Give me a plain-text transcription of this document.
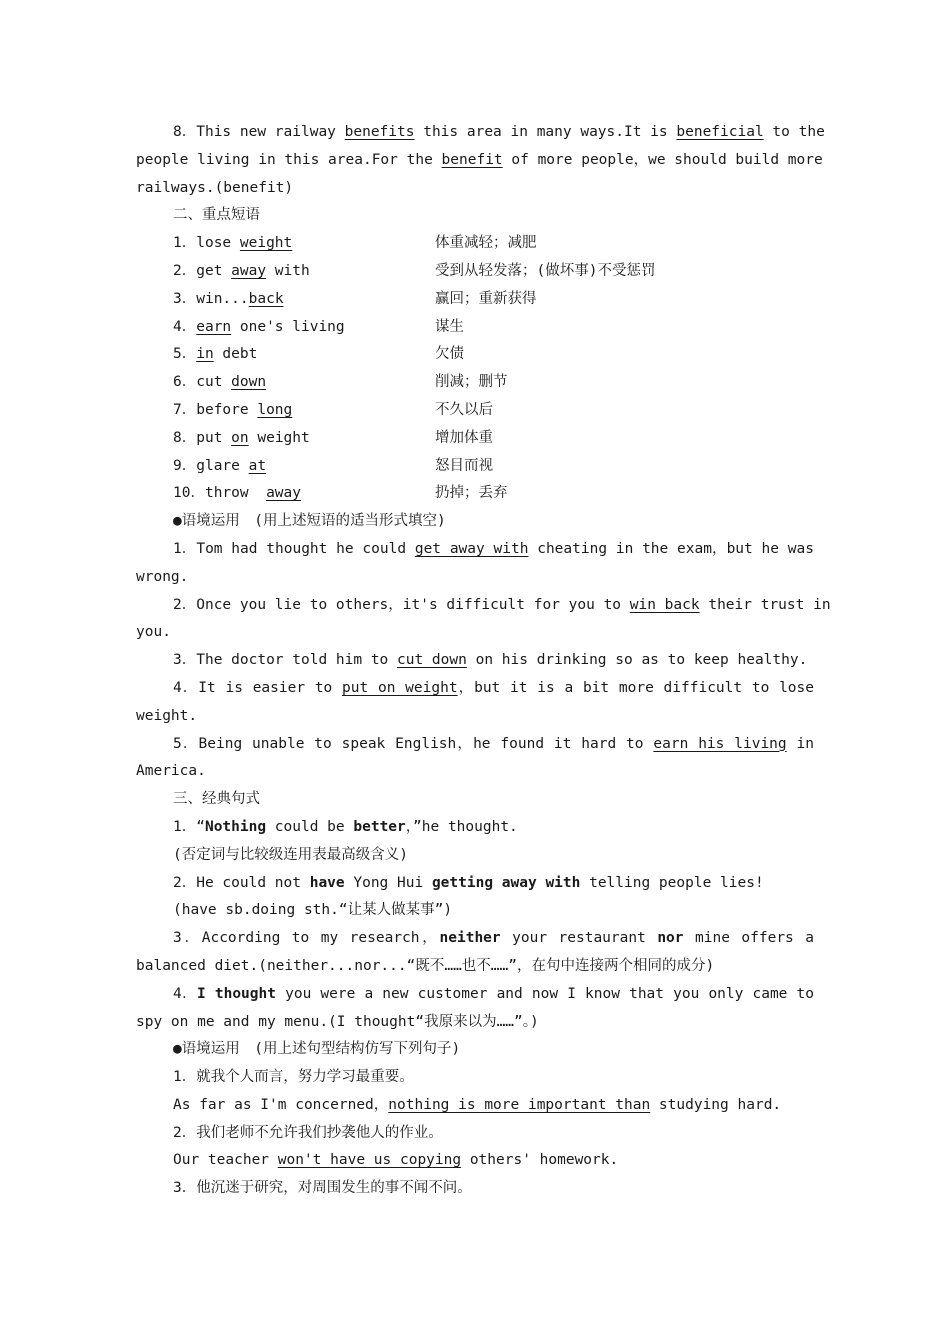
8．This new railway benefits this area in many ways.It is beneficial to the
people living in this area.For the benefit of more people，we should build more
railways.(benefit)
二、重点短语
1．lose weight	体重减轻；减肥
2．get away with	受到从轻发落；(做坏事)不受惩罚
3．win...back	赢回；重新获得
4．earn one's living	谋生
5．in debt	欠债
6．cut down	削减；删节
7．before long	不久以后
8．put on weight	增加体重
9．glare at	怒目而视
10．throw  away	扔掉；丢弃
●语境运用　(用上述短语的适当形式填空)
1．Tom had thought he could get away with cheating in the exam，but he was
wrong.
2．Once you lie to others，it's difficult for you to win back their trust in
you.
3．The doctor told him to cut down on his drinking so as to keep healthy.
4．It is easier to put on weight，but it is a bit more difficult to lose
weight.
5．Being unable to speak English，he found it hard to earn his living in
America.
三、经典句式
1．“Nothing could be better，”he thought.
(否定词与比较级连用表最高级含义)
2．He could not have Yong Hui getting away with telling people lies!
(have sb.doing sth.“让某人做某事”)
3．According to my research，neither your restaurant nor mine offers a
balanced diet.(neither...nor...“既不……也不……”，在句中连接两个相同的成分)
4．I thought you were a new customer and now I know that you only came to
spy on me and my menu.(I thought“我原来以为……”。)
●语境运用　(用上述句型结构仿写下列句子)
1．就我个人而言，努力学习最重要。
As far as I'm concerned，nothing is more important than studying hard.
2．我们老师不允许我们抄袭他人的作业。
Our teacher won't have us copying others' homework.
3．他沉迷于研究，对周围发生的事不闻不问。
